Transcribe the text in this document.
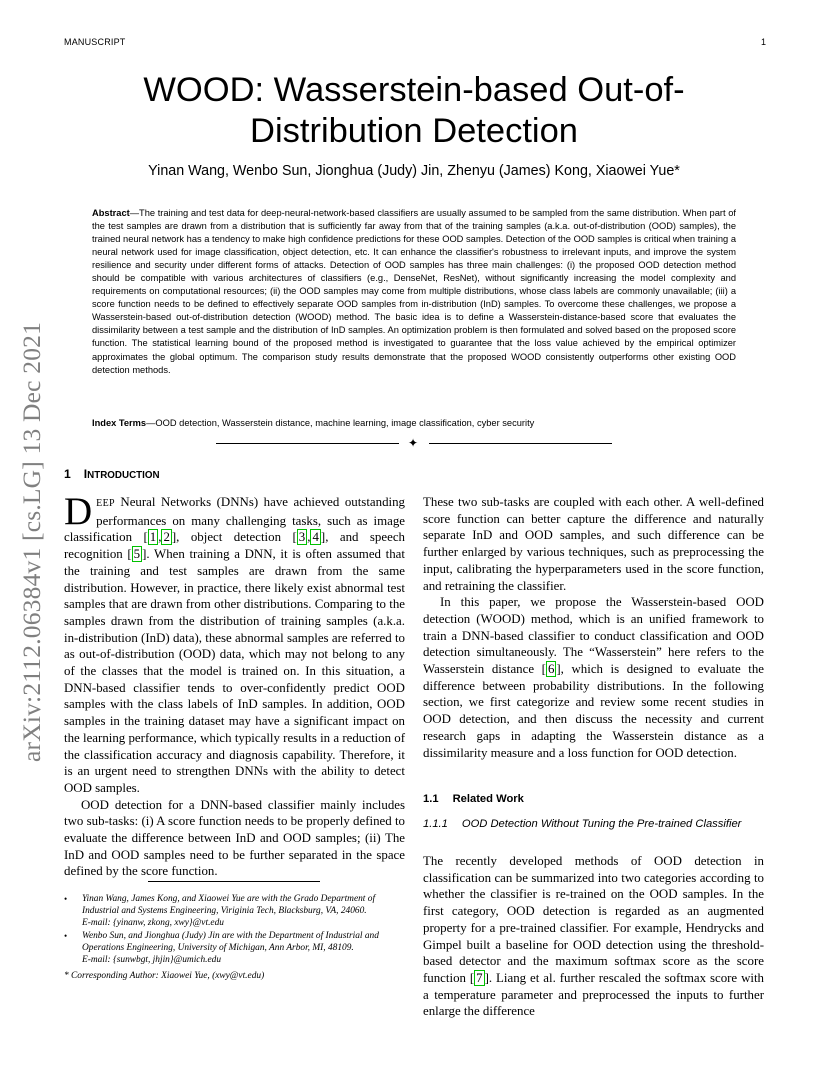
arXiv:2112.06384v1 [cs.LG] 13 Dec 2021
MANUSCRIPT	1
WOOD: Wasserstein-based Out-of-Distribution Detection
Yinan Wang, Wenbo Sun, Jionghua (Judy) Jin, Zhenyu (James) Kong, Xiaowei Yue*
Abstract—The training and test data for deep-neural-network-based classifiers are usually assumed to be sampled from the same distribution. When part of the test samples are drawn from a distribution that is sufficiently far away from that of the training samples (a.k.a. out-of-distribution (OOD) samples), the trained neural network has a tendency to make high confidence predictions for these OOD samples. Detection of the OOD samples is critical when training a neural network used for image classification, object detection, etc. It can enhance the classifier's robustness to irrelevant inputs, and improve the system resilience and security under different forms of attacks. Detection of OOD samples has three main challenges: (i) the proposed OOD detection method should be compatible with various architectures of classifiers (e.g., DenseNet, ResNet), without significantly increasing the model complexity and requirements on computational resources; (ii) the OOD samples may come from multiple distributions, whose class labels are commonly unavailable; (iii) a score function needs to be defined to effectively separate OOD samples from in-distribution (InD) samples. To overcome these challenges, we propose a Wasserstein-based out-of-distribution detection (WOOD) method. The basic idea is to define a Wasserstein-distance-based score that evaluates the dissimilarity between a test sample and the distribution of InD samples. An optimization problem is then formulated and solved based on the proposed score function. The statistical learning bound of the proposed method is investigated to guarantee that the loss value achieved by the empirical optimizer approximates the global optimum. The comparison study results demonstrate that the proposed WOOD consistently outperforms other existing OOD detection methods.
Index Terms—OOD detection, Wasserstein distance, machine learning, image classification, cyber security
✦
1 INTRODUCTION

DEEP Neural Networks (DNNs) have achieved outstanding performances on many challenging tasks, such as image classification [ 1 , 2 ], object detection [ 3 , 4 ], and speech recognition [ 5 ]. When training a DNN, it is often assumed that the training and test samples are drawn from the same distribution. However, in practice, there likely exist abnormal test samples that are drawn from other distributions. Comparing to the samples drawn from the distribution of training samples (a.k.a. in-distribution (InD) data), these abnormal samples are referred to as out-of-distribution (OOD) data, which may not belong to any of the classes that the model is trained on. In this situation, a DNN-based classifier tends to over-confidently predict OOD samples with the class labels of InD samples. In addition, OOD samples in the training dataset may have a significant impact on the learning performance, which typically results in a reduction of the classification accuracy and diagnosis capability. Therefore, it is an urgent need to strengthen DNNs with the ability to detect OOD samples.

OOD detection for a DNN-based classifier mainly includes two sub-tasks: (i) A score function needs to be properly defined to evaluate the difference between InD and OOD samples; (ii) The InD and OOD samples need to be further separated in the space defined by the score function.

• Yinan Wang, James Kong, and Xiaowei Yue are with the Grado Department of Industrial and Systems Engineering, Viriginia Tech, Blacksburg, VA, 24060.
E-mail: {yinanw, zkong, xwy}@vt.edu
• Wenbo Sun, and Jionghua (Judy) Jin are with the Department of Industrial and Operations Engineering, University of Michigan, Ann Arbor, MI, 48109.
E-mail: {sunwbgt, jhjin}@umich.edu
* Corresponding Author: Xiaowei Yue, (xwy@vt.edu)

These two sub-tasks are coupled with each other. A well-defined score function can better capture the difference and naturally separate InD and OOD samples, and such difference can be further enlarged by various techniques, such as preprocessing the input, calibrating the hyperparameters used in the score function, and retraining the classifier.

In this paper, we propose the Wasserstein-based OOD detection (WOOD) method, which is an unified framework to train a DNN-based classifier to conduct classification and OOD detection simultaneously. The “Wasserstein” here refers to the Wasserstein distance [ 6 ], which is designed to evaluate the difference between probability distributions. In the following section, we first categorize and review some recent studies in OOD detection, and then discuss the necessity and current research gaps in adapting the Wasserstein distance as a dissimilarity measure and a loss function for OOD detection.

1.1 Related Work
1.1.1 OOD Detection Without Tuning the Pre-trained Classifier

The recently developed methods of OOD detection in classification can be summarized into two categories according to whether the classifier is re-trained on the OOD samples. In the first category, OOD detection is regarded as an augmented property for a pre-trained classifier. For example, Hendrycks and Gimpel built a baseline for OOD detection using the threshold-based detector and the maximum softmax score as the score function [ 7 ]. Liang et al. further rescaled the softmax score with a temperature parameter and preprocessed the inputs to further enlarge the difference
